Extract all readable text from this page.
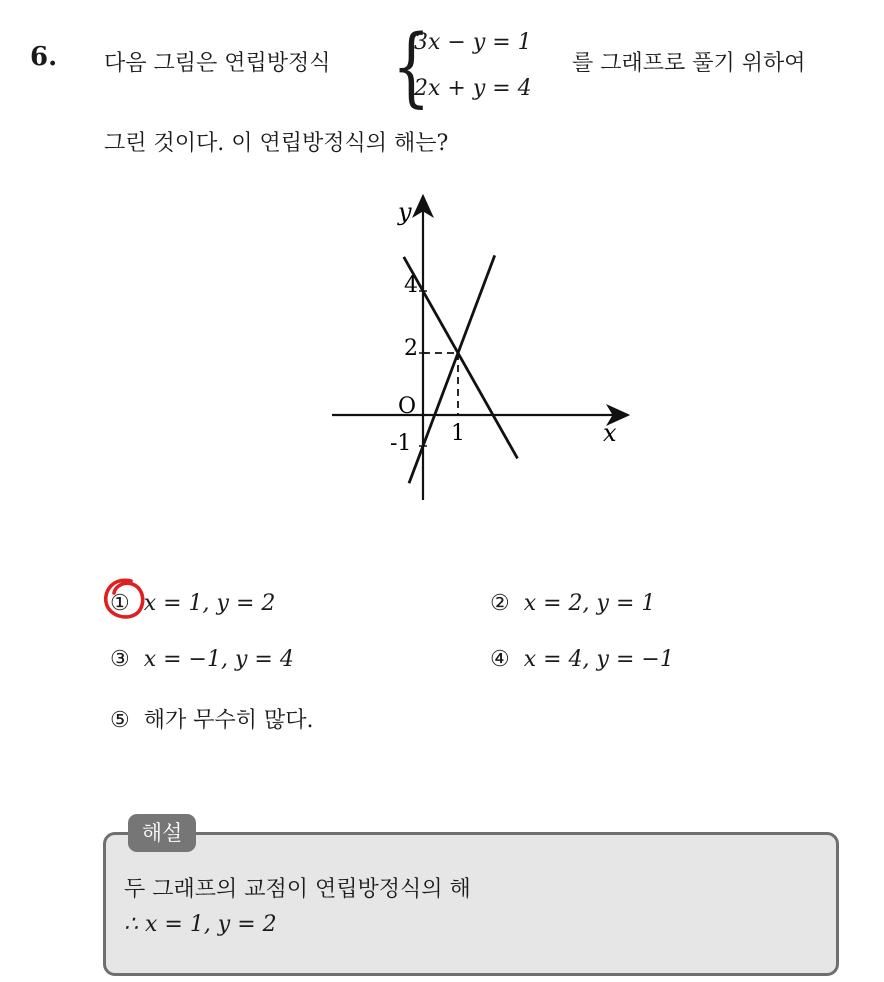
6. 다음 그림은 연립방정식 {
3x − y = 1
2x + y = 4
를 그래프로 풀기 위하여
그린 것이다. 이 연립방정식의 해는?
y
x
O
4
2
-1 1
① x = 1, y = 2	② x = 2, y = 1
③ x = −1, y = 4	④ x = 4, y = −1
⑤ 해가 무수히 많다.
해설
두 그래프의 교점이 연립방정식의 해
∴ x = 1, y = 2
